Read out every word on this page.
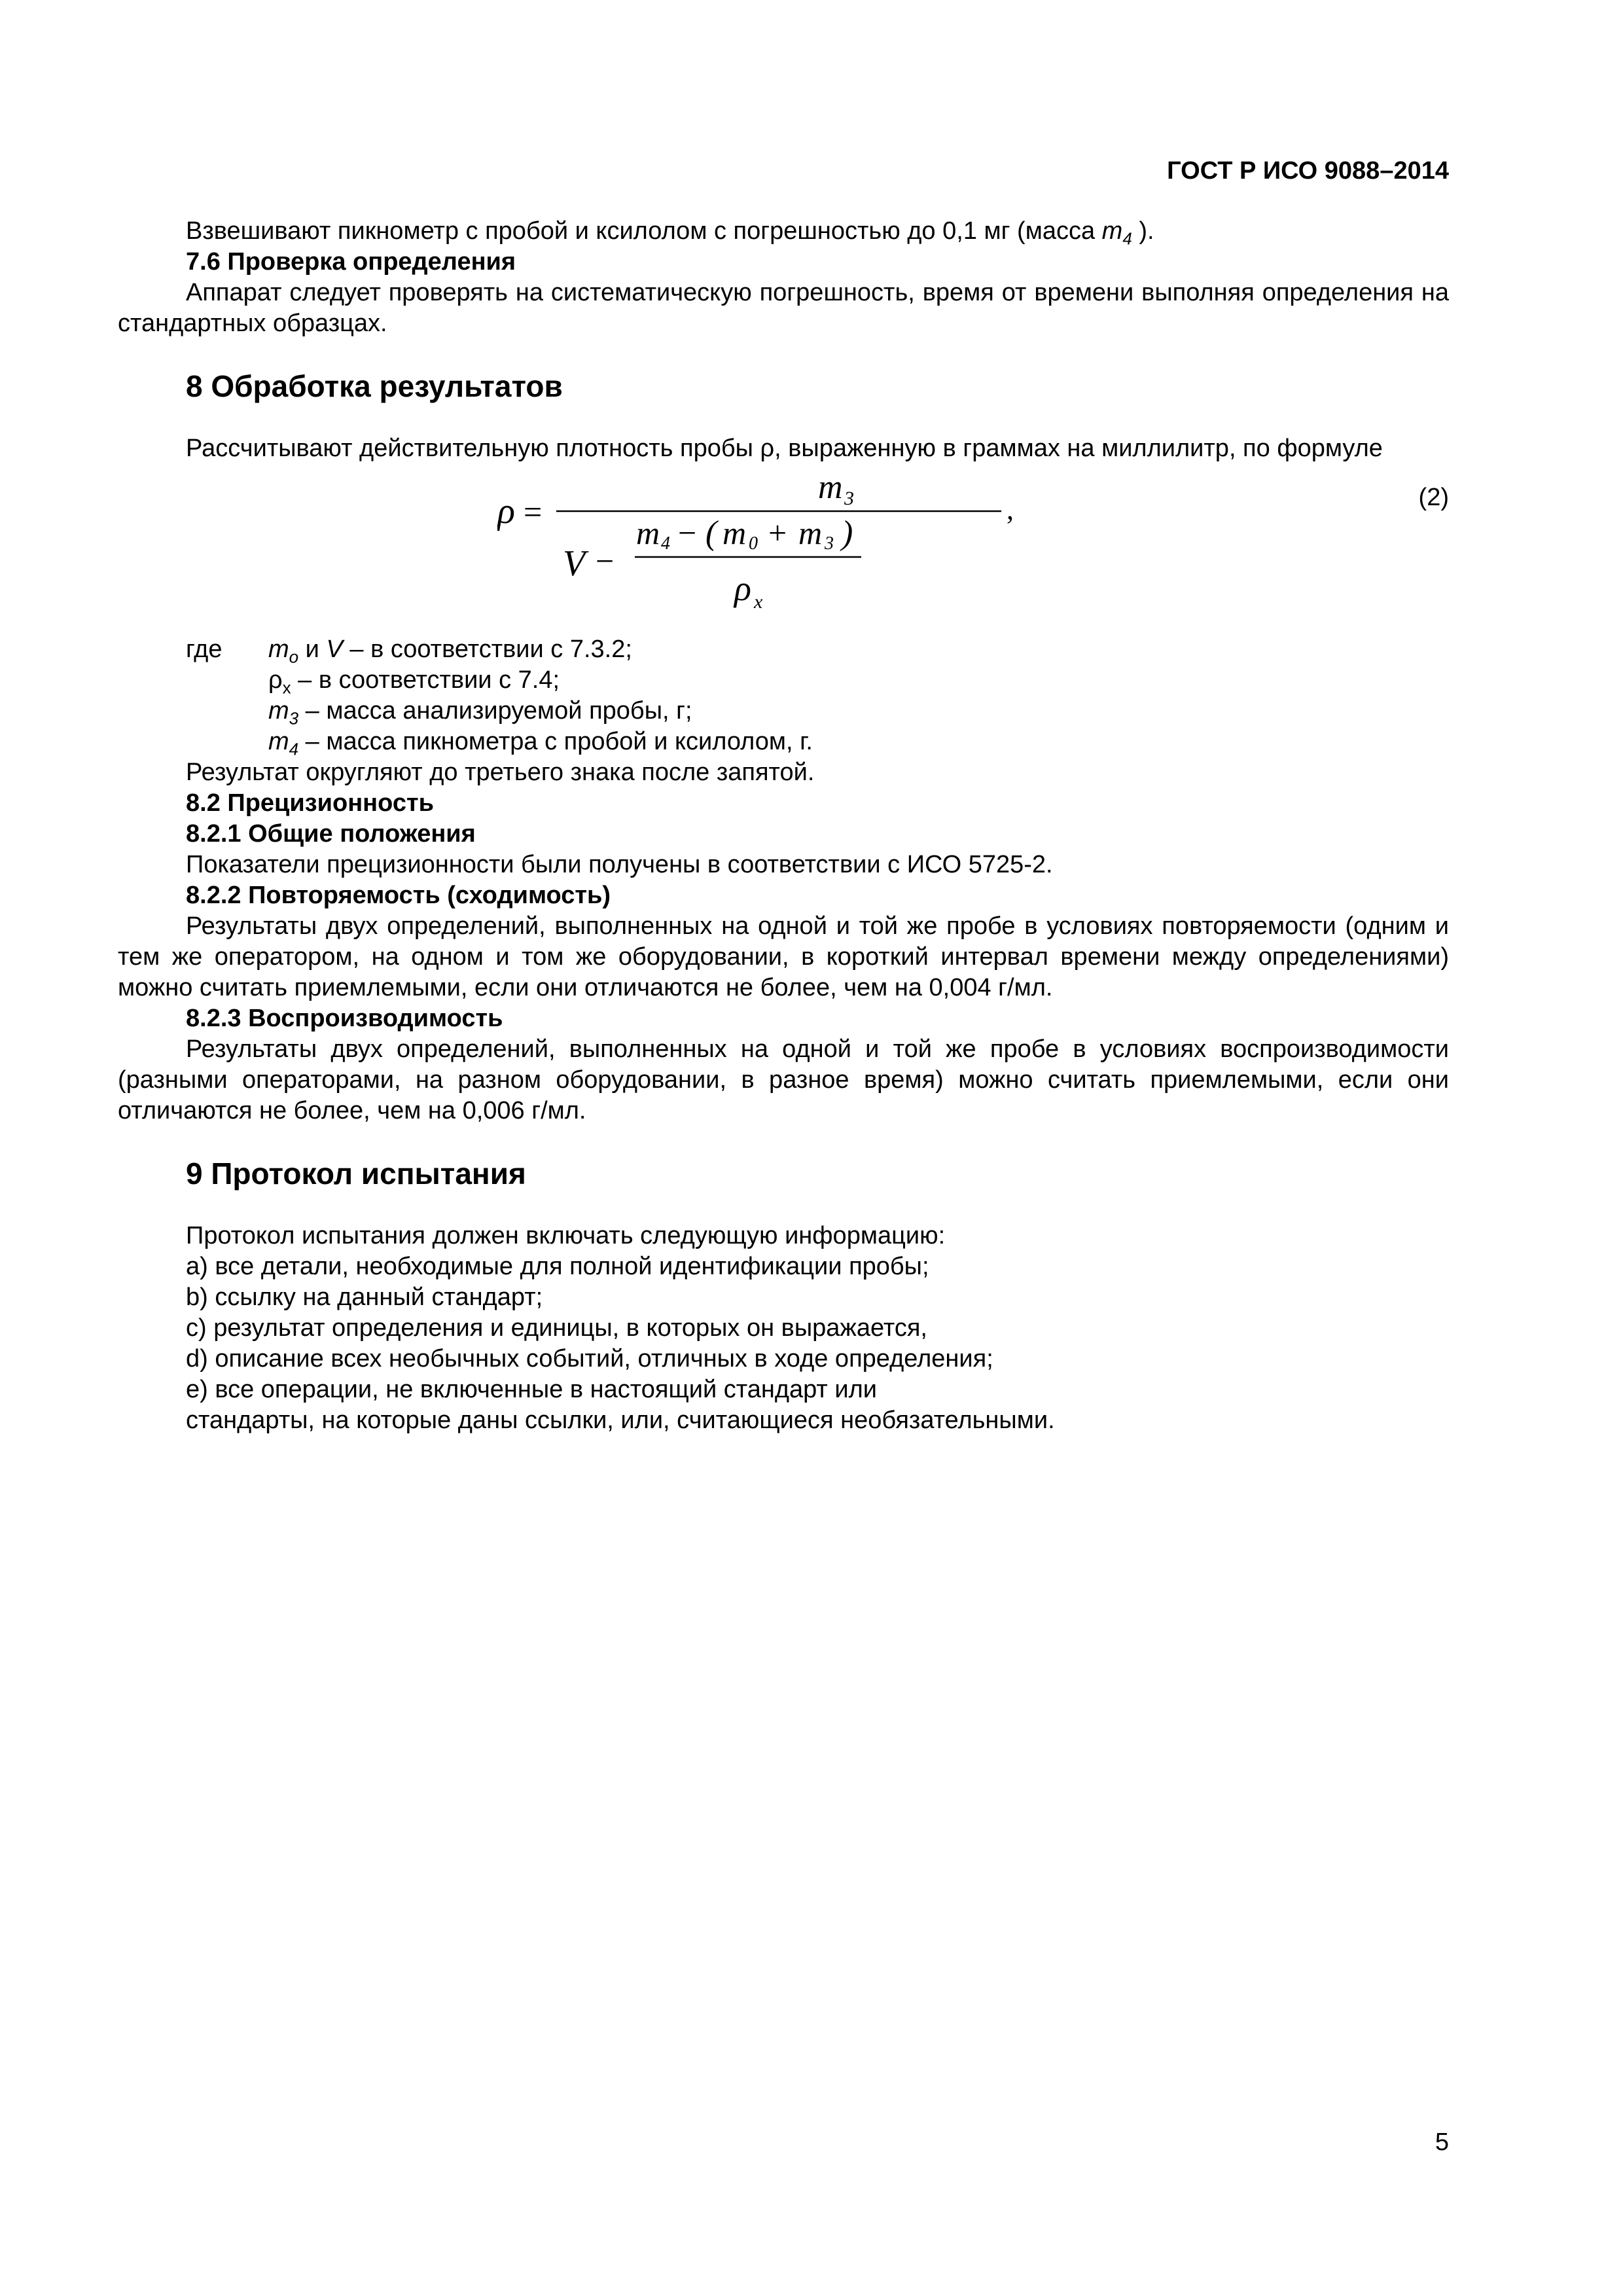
ГОСТ Р ИСО 9088–2014

Взвешивают пикнометр с пробой и ксилолом с погрешностью до 0,1 мг (масса $m_4$ ).

7.6 Проверка определения

Аппарат следует проверять на систематическую погрешность, время от времени выполняя определения на стандартных образцах.

8 Обработка результатов

Рассчитывают действительную плотность пробы ρ, выраженную в граммах на миллилитр, по формуле

ρ =
m 3
V −
m 4 − ( m 0 + m 3 )
ρ x
,	(2)
где $m_o$ и V – в соответствии с 7.3.2;
$\rho_x$ – в соответствии с 7.4;
$m_3$ – масса анализируемой пробы, г;
$m_4$ – масса пикнометра с пробой и ксилолом, г.

Результат округляют до третьего знака после запятой.

8.2 Прецизионность

8.2.1 Общие положения

Показатели прецизионности были получены в соответствии с ИСО 5725-2.

8.2.2 Повторяемость (сходимость)

Результаты двух определений, выполненных на одной и той же пробе в условиях повторяемости (одним и тем же оператором, на одном и том же оборудовании, в короткий интервал времени между определениями) можно считать приемлемыми, если они отличаются не более, чем на 0,004 г/мл.

8.2.3 Воспроизводимость

Результаты двух определений, выполненных на одной и той же пробе в условиях воспроизводимости (разными операторами, на разном оборудовании, в разное время) можно считать приемлемыми, если они отличаются не более, чем на 0,006 г/мл.

9 Протокол испытания

Протокол испытания должен включать следующую информацию:

a) все детали, необходимые для полной идентификации пробы;

b) ссылку на данный стандарт;

c) результат определения и единицы, в которых он выражается,

d) описание всех необычных событий, отличных в ходе определения;

e) все операции, не включенные в настоящий стандарт или

стандарты, на которые даны ссылки, или, считающиеся необязательными.

5
